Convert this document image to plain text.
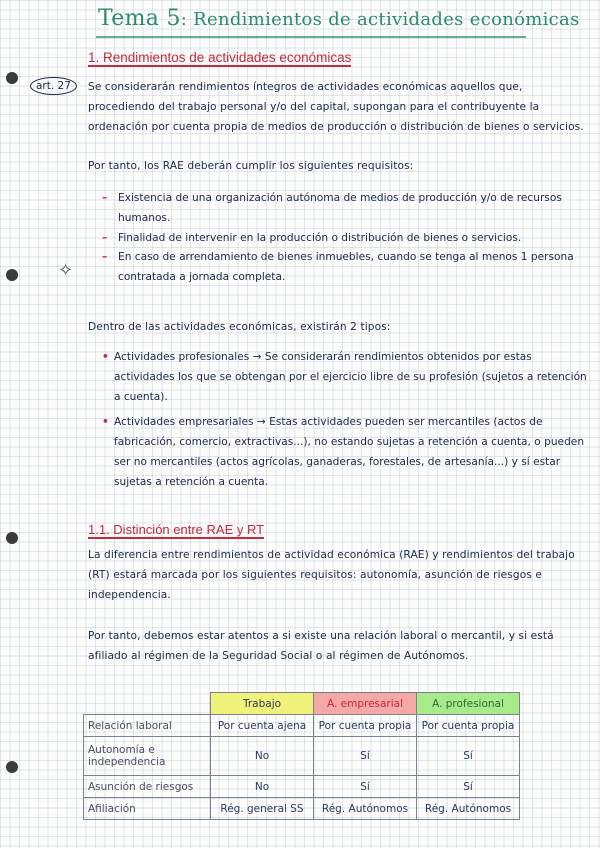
Tema 5: Rendimientos de actividades económicas
1. Rendimientos de actividades económicas
art. 27	Se considerarán rendimientos íntegros de actividades económicas aquellos que, procediendo del trabajo personal y/o del capital, supongan para el contribuyente la ordenación por cuenta propia de medios de producción o distribución de bienes o servicios.
Por tanto, los RAE deberán cumplir los siguientes requisitos:
– Existencia de una organización autónoma de medios de producción y/o de recursos humanos.
– Finalidad de intervenir en la producción o distribución de bienes o servicios.
– En caso de arrendamiento de bienes inmuebles, cuando se tenga al menos 1 persona contratada a jornada completa.
✧
Dentro de las actividades económicas, existirán 2 tipos:
• Actividades profesionales → Se considerarán rendimientos obtenidos por estas actividades los que se obtengan por el ejercicio libre de su profesión (sujetos a retención a cuenta).
• Actividades empresariales → Estas actividades pueden ser mercantiles (actos de fabricación, comercio, extractivas...), no estando sujetas a retención a cuenta, o pueden ser no mercantiles (actos agrícolas, ganaderas, forestales, de artesanía...) y sí estar sujetas a retención a cuenta.
1.1. Distinción entre RAE y RT
La diferencia entre rendimientos de actividad económica (RAE) y rendimientos del trabajo (RT) estará marcada por los siguientes requisitos: autonomía, asunción de riesgos e independencia.
Por tanto, debemos estar atentos a si existe una relación laboral o mercantil, y si está afiliado al régimen de la Seguridad Social o al régimen de Autónomos.
	Trabajo	A. empresarial	A. profesional
Relación laboral	Por cuenta ajena	Por cuenta propia	Por cuenta propia
Autonomía e independencia	No	Sí	Sí
Asunción de riesgos	No	Sí	Sí
Afiliación	Rég. general SS	Rég. Autónomos	Rég. Autónomos
